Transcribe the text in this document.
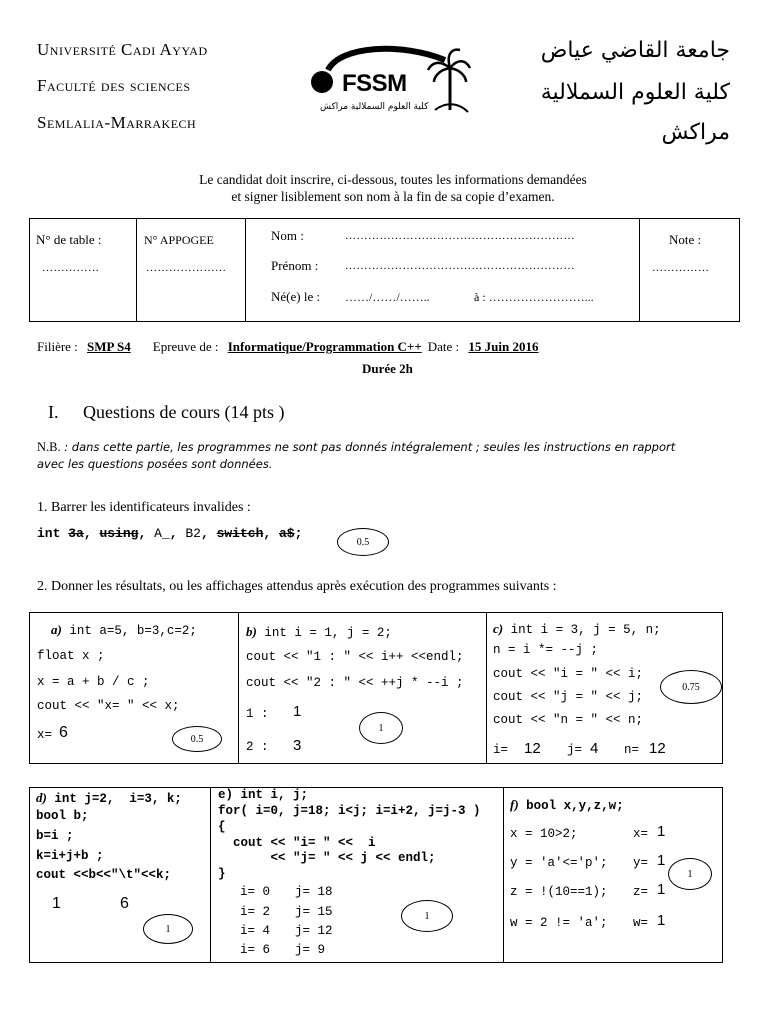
Université Cadi Ayyad
Faculté des sciences
Semlalia-Marrakech
FSSM
كلية العلوم السملالية مراكش
جامعة القاضي عياض
كلية العلوم السملالية
مراكش
Le candidat doit inscrire, ci-dessous, toutes les informations demandées
et signer lisiblement son nom à la fin de sa copie d’examen.
N° de table :
……………
N° APPOGEE
…………………
Nom :	……………………………………………………
Prénom : ……………………………………………………
Né(e) le : ……/……/……..	à : ……………………...
Note :
……………
Filière : SMP S4 Epreuve de : Informatique/Programmation C++ Date : 15 Juin 2016
Durée 2h
I. Questions de cours (14 pts )
N.B. : dans cette partie, les programmes ne sont pas donnés intégralement ; seules les instructions en rapport
avec les questions posées sont données.
1. Barrer les identificateurs invalides :
int 3a, using, A_, B2, switch, a$;
0.5
2. Donner les résultats, ou les affichages attendus après exécution des programmes suivants :
a) int a=5, b=3,c=2;
float x ;
x = a + b / c ;
cout << "x= " << x;
x= 6	0.5
b) int i = 1, j = 2;
cout << "1 : " << i++ <<endl;
cout << "2 : " << ++j * --i ;
1 : 1
2 : 3
1
c) int i = 3, j = 5, n;
n = i *= --j ;
cout << "i = " << i;
cout << "j = " << j;
cout << "n = " << n;
i= 12 j= 4 n= 12
0.75
d) int j=2,  i=3, k;
bool b;
b=i ;
k=i+j+b ;
cout <<b<<"\t"<<k;
1	6
1
e) int i, j;
for( i=0, j=18; i<j; i=i+2, j=j-3 )
{
cout << "i= " <<  i
<< "j= " << j << endl;
}
i= 0 j= 18
i= 2 j= 15
i= 4 j= 12
i= 6 j= 9
1
f) bool x,y,z,w;
x = 10>2;	x= 1
y = 'a'<='p'; y= 1
z = !(10==1); z= 1
w = 2 != 'a'; w= 1
1
